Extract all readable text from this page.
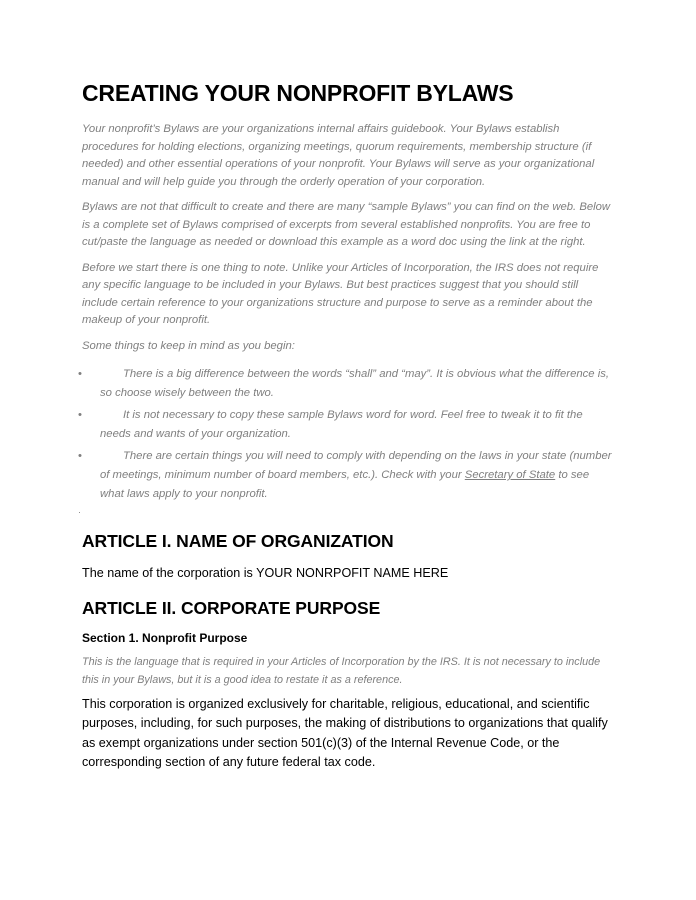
CREATING YOUR NONPROFIT BYLAWS

Your nonprofit’s Bylaws are your organizations internal affairs guidebook. Your Bylaws establish procedures for holding elections, organizing meetings, quorum requirements, membership structure (if needed) and other essential operations of your nonprofit. Your Bylaws will serve as your organizational manual and will help guide you through the orderly operation of your corporation.

Bylaws are not that difficult to create and there are many “sample Bylaws” you can find on the web. Below is a complete set of Bylaws comprised of excerpts from several established nonprofits. You are free to cut/paste the language as needed or download this example as a word doc using the link at the right.

Before we start there is one thing to note. Unlike your Articles of Incorporation, the IRS does not require any specific language to be included in your Bylaws. But best practices suggest that you should still include certain reference to your organizations structure and purpose to serve as a reminder about the makeup of your nonprofit.

Some things to keep in mind as you begin:

•	There is a big difference between the words “shall” and “may”. It is obvious what the difference is, so choose wisely between the two.
•	It is not necessary to copy these sample Bylaws word for word. Feel free to tweak it to fit the needs and wants of your organization.
•	There are certain things you will need to comply with depending on the laws in your state (number of meetings, minimum number of board members, etc.). Check with your Secretary of State to see what laws apply to your nonprofit.
·
ARTICLE I. NAME OF ORGANIZATION

The name of the corporation is YOUR NONRPOFIT NAME HERE

ARTICLE II. CORPORATE PURPOSE
Section 1. Nonprofit Purpose

This is the language that is required in your Articles of Incorporation by the IRS. It is not necessary to include this in your Bylaws, but it is a good idea to restate it as a reference.

This corporation is organized exclusively for charitable, religious, educational, and scientific purposes, including, for such purposes, the making of distributions to organizations that qualify as exempt organizations under section 501(c)(3) of the Internal Revenue Code, or the corresponding section of any future federal tax code.
